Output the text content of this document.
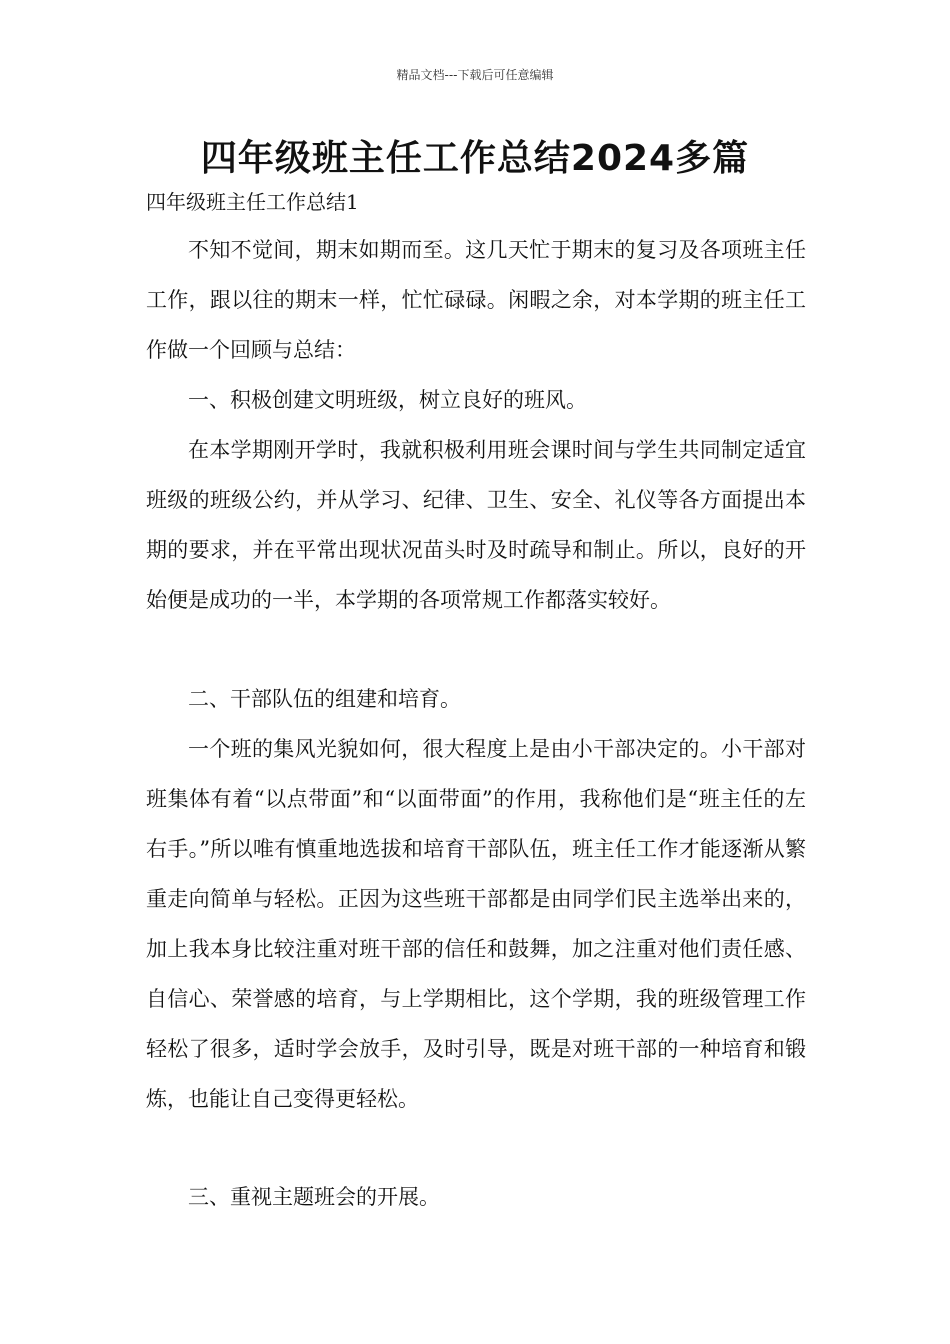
精品文档---下载后可任意编辑
四年级班主任工作总结2024多篇
四年级班主任工作总结1
不知不觉间，期末如期而至。这几天忙于期末的复习及各项班主任工作，跟以往的期末一样，忙忙碌碌。闲暇之余，对本学期的班主任工作做一个回顾与总结：
一、积极创建文明班级，树立良好的班风。
在本学期刚开学时，我就积极利用班会课时间与学生共同制定适宜班级的班级公约，并从学习、纪律、卫生、安全、礼仪等各方面提出本期的要求，并在平常出现状况苗头时及时疏导和制止。所以，良好的开始便是成功的一半，本学期的各项常规工作都落实较好。
二、干部队伍的组建和培育。
一个班的集风光貌如何，很大程度上是由小干部决定的。小干部对班集体有着“以点带面”和“以面带面”的作用，我称他们是“班主任的左右手。”所以唯有慎重地选拔和培育干部队伍，班主任工作才能逐渐从繁重走向简单与轻松。正因为这些班干部都是由同学们民主选举出来的，加上我本身比较注重对班干部的信任和鼓舞，加之注重对他们责任感、自信心、荣誉感的培育，与上学期相比，这个学期，我的班级管理工作轻松了很多，适时学会放手，及时引导，既是对班干部的一种培育和锻炼，也能让自己变得更轻松。
三、重视主题班会的开展。
